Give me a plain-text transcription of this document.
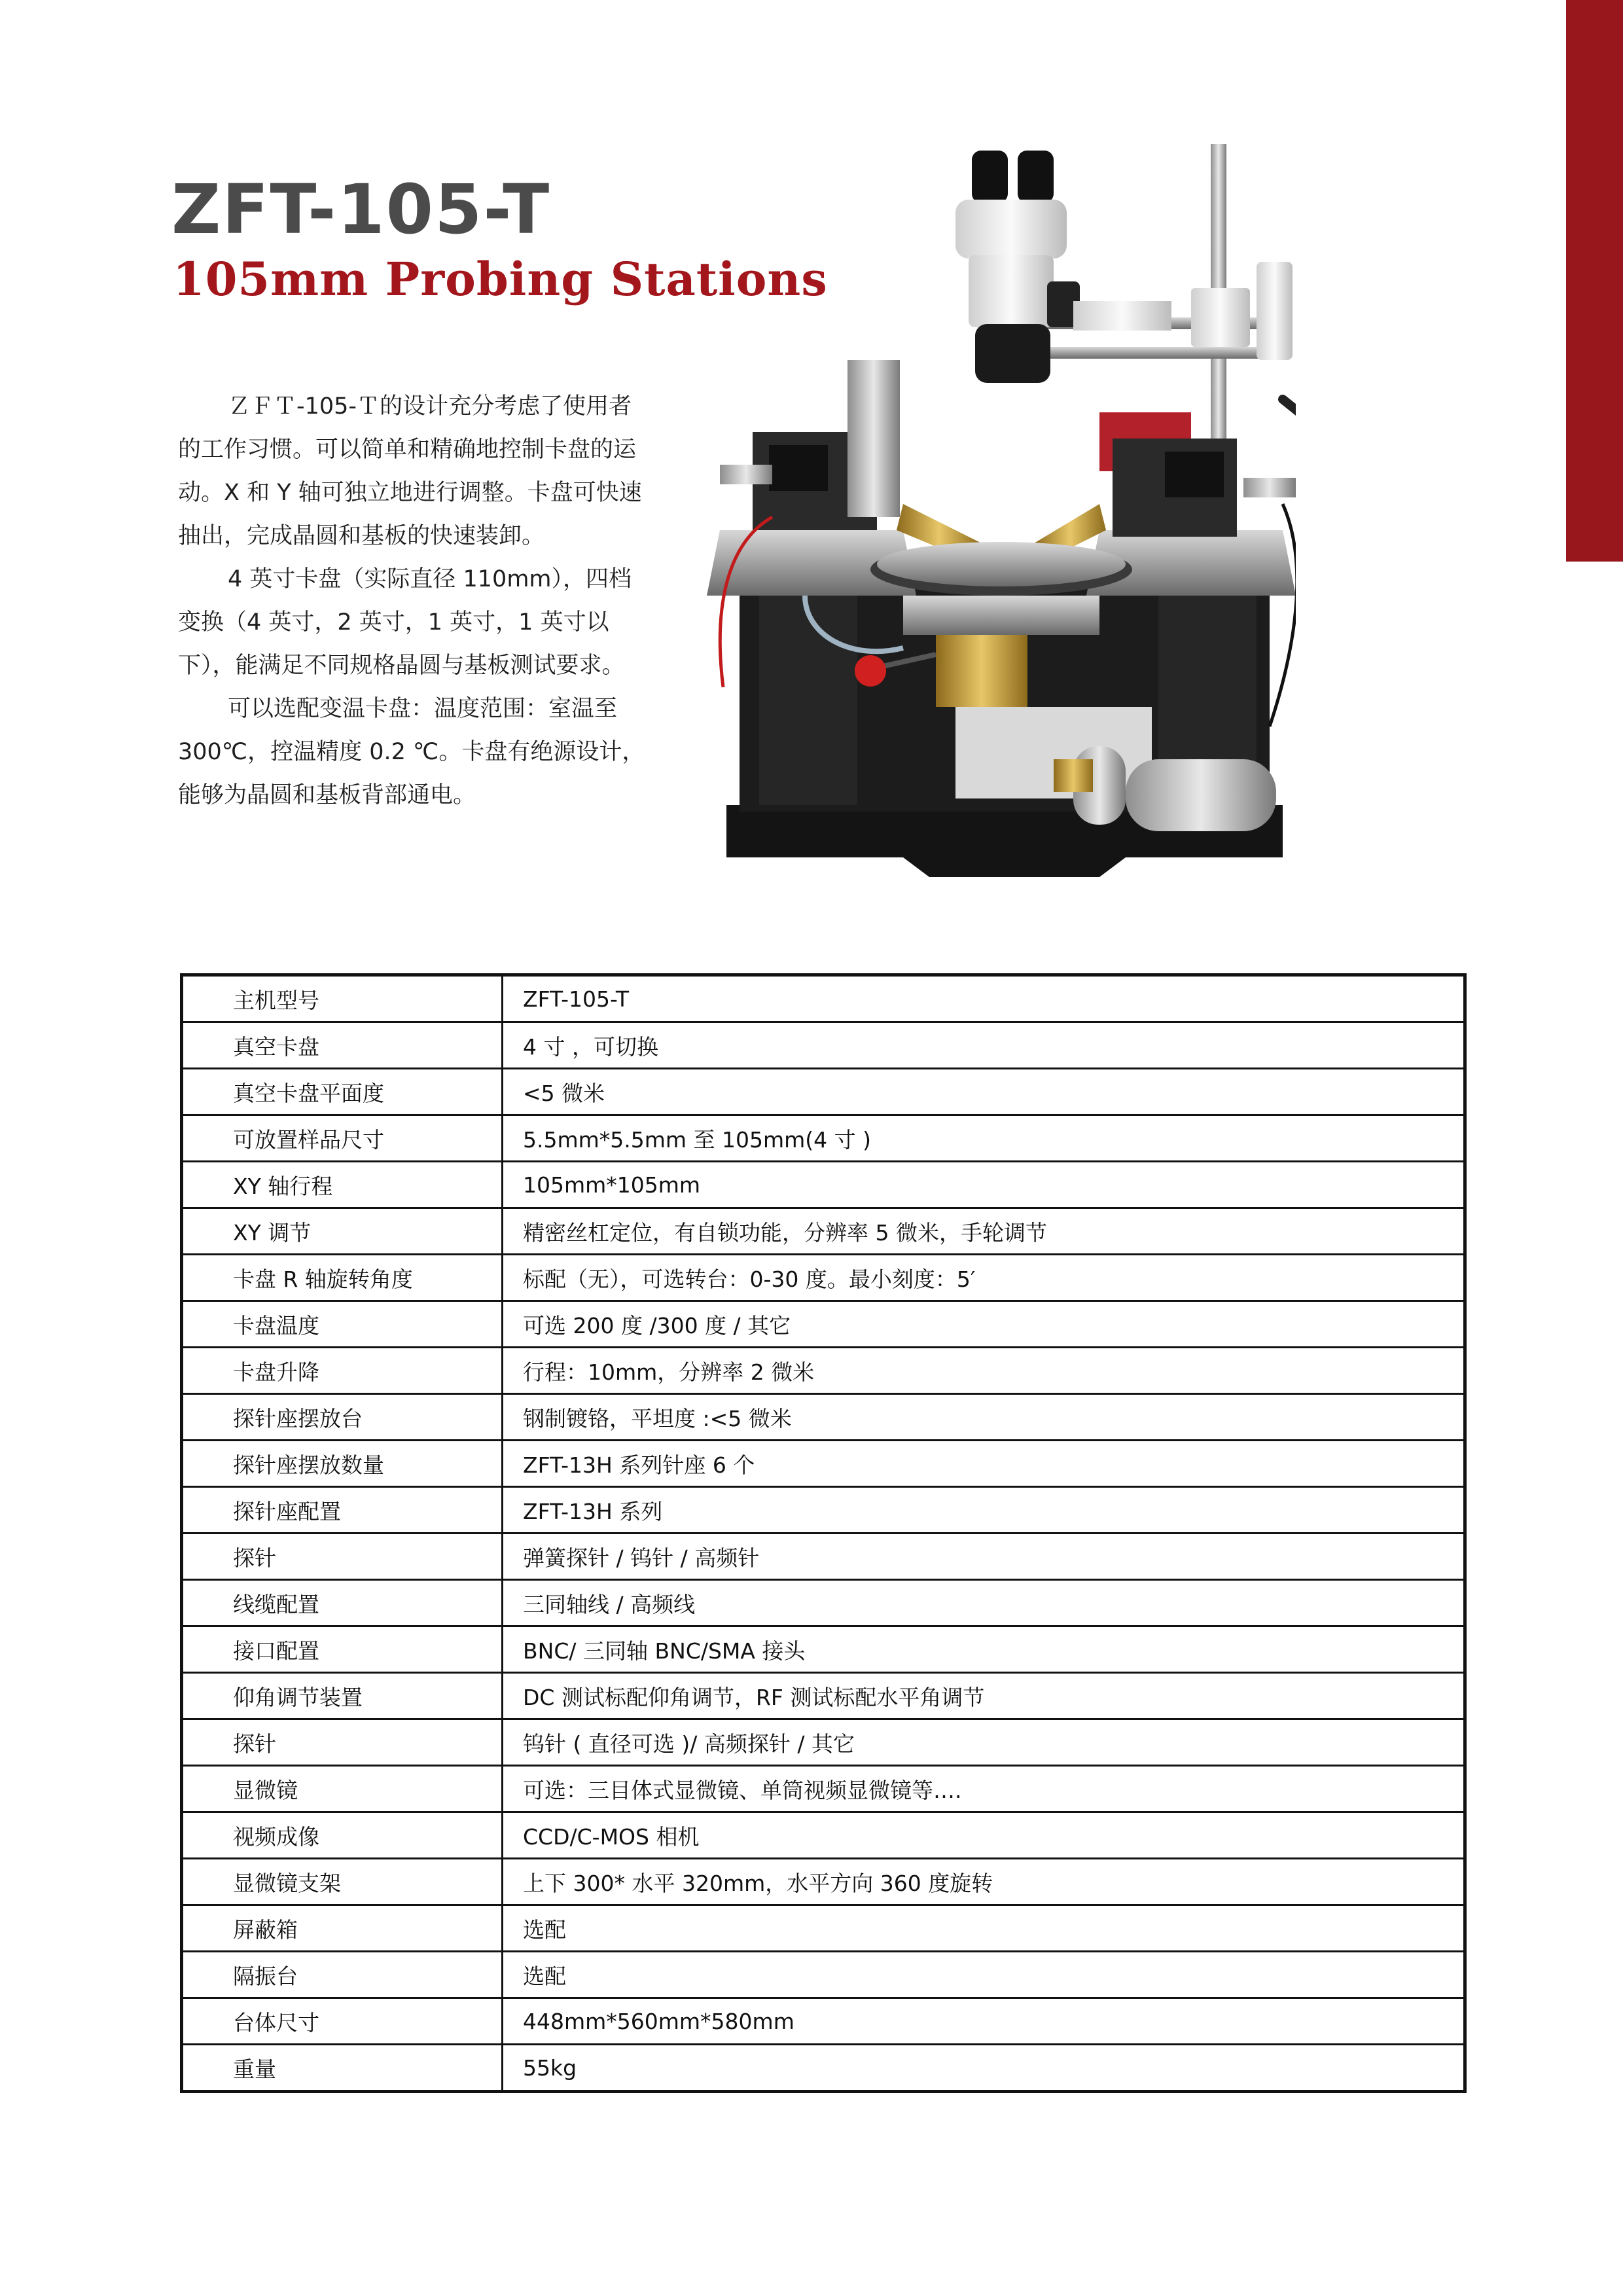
ZFT-105-T
105mm Probing Stations

ＺＦＴ-105-Ｔ的设计充分考虑了使用者的工作习惯。可以简单和精确地控制卡盘的运动。X 和 Y 轴可独立地进行调整。卡盘可快速抽出，完成晶圆和基板的快速装卸。

4 英寸卡盘（实际直径 110mm），四档变换（4 英寸，2 英寸，1 英寸，1 英寸以下），能满足不同规格晶圆与基板测试要求。

可以选配变温卡盘：温度范围：室温至 300℃，控温精度 0.2 ℃。卡盘有绝源设计，能够为晶圆和基板背部通电。

主机型号	ZFT-105-T
真空卡盘	4 寸 ，可切换
真空卡盘平面度	<5 微米
可放置样品尺寸	5.5mm*5.5mm 至 105mm(4 寸 )
XY 轴行程	105mm*105mm
XY 调节	精密丝杠定位，有自锁功能，分辨率 5 微米，手轮调节
卡盘 R 轴旋转角度	标配（无），可选转台：0-30 度。最小刻度：5′
卡盘温度	可选 200 度 /300 度 / 其它
卡盘升降	行程：10mm，分辨率 2 微米
探针座摆放台	钢制镀铬，平坦度 :<5 微米
探针座摆放数量	ZFT-13H 系列针座 6 个
探针座配置	ZFT-13H 系列
探针	弹簧探针 / 钨针 / 高频针
线缆配置	三同轴线 / 高频线
接口配置	BNC/ 三同轴 BNC/SMA 接头
仰角调节装置	DC 测试标配仰角调节，RF 测试标配水平角调节
探针	钨针 ( 直径可选 )/ 高频探针 / 其它
显微镜	可选：三目体式显微镜、单筒视频显微镜等….
视频成像	CCD/C-MOS 相机
显微镜支架	上下 300* 水平 320mm，水平方向 360 度旋转
屏蔽箱	选配
隔振台	选配
台体尺寸	448mm*560mm*580mm
重量	55kg
